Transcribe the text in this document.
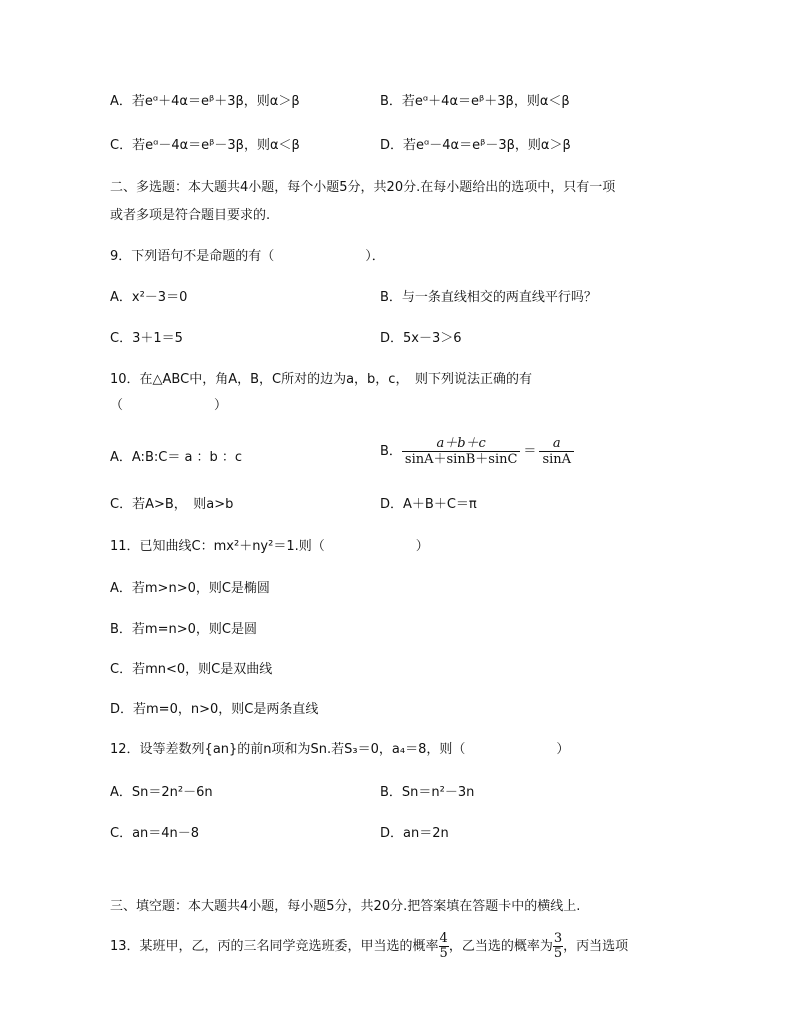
A．若eᵅ＋4α＝eᵝ＋3β，则α＞β	B．若eᵅ＋4α＝eᵝ＋3β，则α＜β
C．若eᵅ－4α＝eᵝ－3β，则α＜β	D．若eᵅ－4α＝eᵝ－3β，则α＞β
二、多选题：本大题共4小题，每个小题5分，共20分.在每小题给出的选项中，只有一项
或者多项是符合题目要求的.
9．下列语句不是命题的有（　　　　　　　）．
A．x²－3＝0	B．与一条直线相交的两直线平行吗？
C．3＋1＝5	D．5x－3＞6
10．在△ABC中，角A，B，C所对的边为a，b，c，　则下列说法正确的有
（　　　　　　　）
A．A:B:C＝ a ：b ：c	B． $\frac{a+b+c}{\sin A+\sin B+\sin C} = \frac{a}{\sin A}$
C．若A>B，　则a>b	D．A＋B＋C＝π
11．已知曲线C：mx²＋ny²＝1.则（　　　　　　　）
A．若m>n>0，则C是椭圆
B．若m=n>0，则C是圆
C．若mn<0，则C是双曲线
D．若m=0，n>0，则C是两条直线
12．设等差数列{an}的前n项和为Sn.若S₃＝0，a₄＝8，则（　　　　　　　）
A．Sn＝2n²－6n	B．Sn＝n²－3n
C．an＝4n－8	D．an＝2n
三、填空题：本大题共4小题，每小题5分，共20分.把答案填在答题卡中的横线上.
13．某班甲，乙，丙的三名同学竞选班委，甲当选的概率 $\frac{4}{5}$ ，乙当选的概率为 $\frac{3}{5}$ ，丙当选项
